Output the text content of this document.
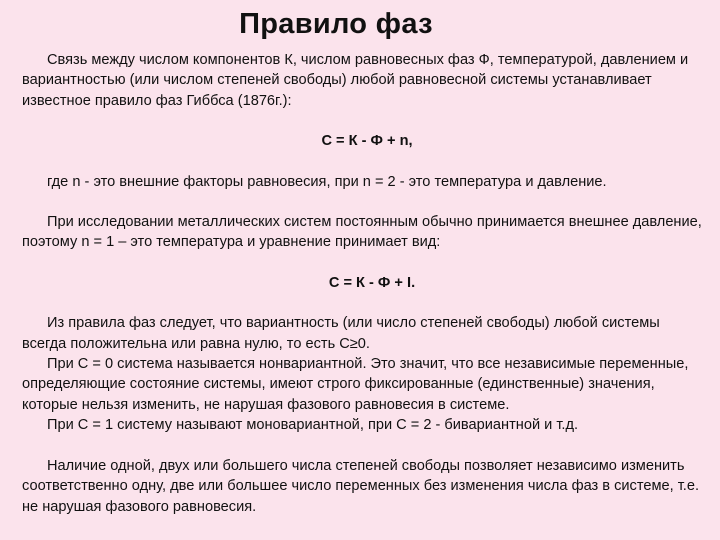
Правило фаз

Связь между числом компонентов К, числом равновесных фаз Ф, температурой, давлением и вариантностью (или числом степеней свободы) любой равновесной системы устанавливает известное правило фаз Гиббса (1876г.):

С = К - Ф + n,

где n - это внешние факторы равновесия, при n = 2 - это температура и давление.

При исследовании металлических систем постоянным обычно принимается внешнее давление, поэтому n = 1 – это температура и уравнение принимает вид:

С = К - Ф + I.

Из правила фаз следует, что вариантность (или число степеней свободы) любой системы всегда положительна или равна нулю, то есть С≥0.

При С = 0 система называется нонвариантной. Это значит, что все независимые переменные, определяющие состояние системы, имеют строго фиксированные (единственные) значения, которые нельзя изменить, не нарушая фазового равновесия в системе.

При С = 1 систему называют моновариантной, при С = 2 - бивариантной и т.д.

Наличие одной, двух или большего числа степеней свободы позволяет независимо изменить соответственно одну, две или большее число переменных без изменения числа фаз в системе, т.е. не нарушая фазового равновесия.
